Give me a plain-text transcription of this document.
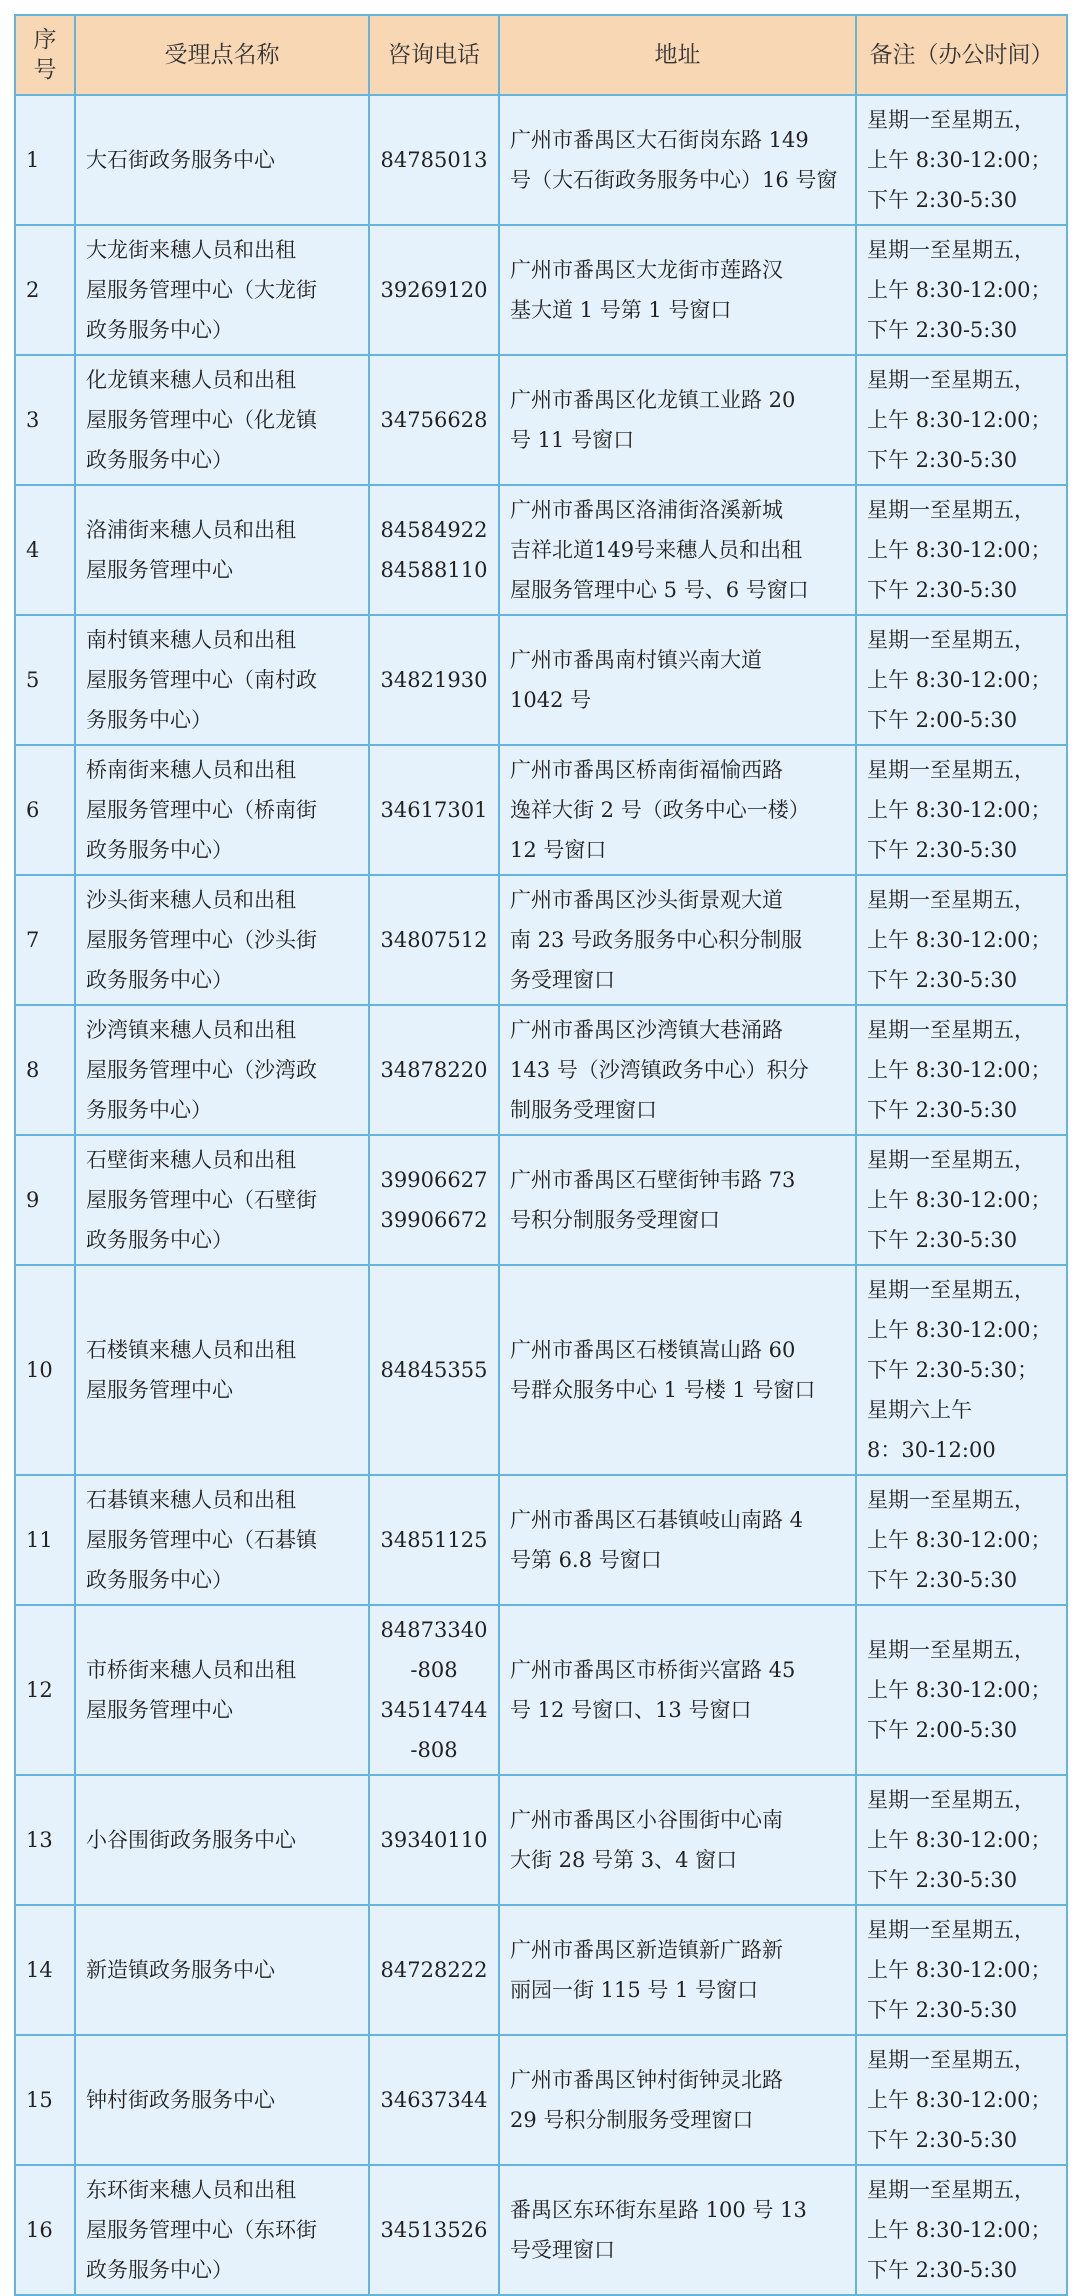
序
号	受理点名称	咨询电话	地址	备注（办公时间）
1	大石街政务服务中心	84785013	广州市番禺区大石街岗东路 149
号（大石街政务服务中心）16 号窗	星期一至星期五，
上午 8:30-12:00；
下午 2:30-5:30

2	大龙街来穗人员和出租
屋服务管理中心（大龙街
政务服务中心）	39269120	广州市番禺区大龙街市莲路汉
基大道 1 号第 1 号窗口	星期一至星期五，
上午 8:30-12:00；
下午 2:30-5:30

3	化龙镇来穗人员和出租
屋服务管理中心（化龙镇
政务服务中心）	34756628	广州市番禺区化龙镇工业路 20
号 11 号窗口	星期一至星期五，
上午 8:30-12:00；
下午 2:30-5:30

4	洛浦街来穗人员和出租
屋服务管理中心	84584922
84588110	广州市番禺区洛浦街洛溪新城
吉祥北道149号来穗人员和出租
屋服务管理中心 5 号、6 号窗口	星期一至星期五，
上午 8:30-12:00；
下午 2:30-5:30

5	南村镇来穗人员和出租
屋服务管理中心（南村政
务服务中心）	34821930	广州市番禺南村镇兴南大道
1042 号	星期一至星期五，
上午 8:30-12:00；
下午 2:00-5:30

6	桥南街来穗人员和出租
屋服务管理中心（桥南街
政务服务中心）	34617301	广州市番禺区桥南街福愉西路
逸祥大街 2 号（政务中心一楼）
12 号窗口	星期一至星期五，
上午 8:30-12:00；
下午 2:30-5:30

7	沙头街来穗人员和出租
屋服务管理中心（沙头街
政务服务中心）	34807512	广州市番禺区沙头街景观大道
南 23 号政务服务中心积分制服
务受理窗口	星期一至星期五，
上午 8:30-12:00；
下午 2:30-5:30

8	沙湾镇来穗人员和出租
屋服务管理中心（沙湾政
务服务中心）	34878220	广州市番禺区沙湾镇大巷涌路
143 号（沙湾镇政务中心）积分
制服务受理窗口	星期一至星期五，
上午 8:30-12:00；
下午 2:30-5:30

9	石壁街来穗人员和出租
屋服务管理中心（石壁街
政务服务中心）	39906627
39906672	广州市番禺区石壁街钟韦路 73
号积分制服务受理窗口	星期一至星期五，
上午 8:30-12:00；
下午 2:30-5:30

10	石楼镇来穗人员和出租
屋服务管理中心	84845355	广州市番禺区石楼镇嵩山路 60
号群众服务中心 1 号楼 1 号窗口	星期一至星期五，
上午 8:30-12:00；
下午 2:30-5:30；
星期六上午
8：30-12:00

11	石碁镇来穗人员和出租
屋服务管理中心（石碁镇
政务服务中心）	34851125	广州市番禺区石碁镇岐山南路 4
号第 6.8 号窗口	星期一至星期五，
上午 8:30-12:00；
下午 2:30-5:30

12	市桥街来穗人员和出租
屋服务管理中心	84873340
-808
34514744
-808	广州市番禺区市桥街兴富路 45
号 12 号窗口、13 号窗口	星期一至星期五，
上午 8:30-12:00；
下午 2:00-5:30

13	小谷围街政务服务中心	39340110	广州市番禺区小谷围街中心南
大街 28 号第 3、4 窗口	星期一至星期五，
上午 8:30-12:00；
下午 2:30-5:30

14	新造镇政务服务中心	84728222	广州市番禺区新造镇新广路新
丽园一街 115 号 1 号窗口	星期一至星期五，
上午 8:30-12:00；
下午 2:30-5:30

15	钟村街政务服务中心	34637344	广州市番禺区钟村街钟灵北路
29 号积分制服务受理窗口	星期一至星期五，
上午 8:30-12:00；
下午 2:30-5:30

16	东环街来穗人员和出租
屋服务管理中心（东环街
政务服务中心）	34513526	番禺区东环街东星路 100 号 13
号受理窗口	星期一至星期五，
上午 8:30-12:00；
下午 2:30-5:30
